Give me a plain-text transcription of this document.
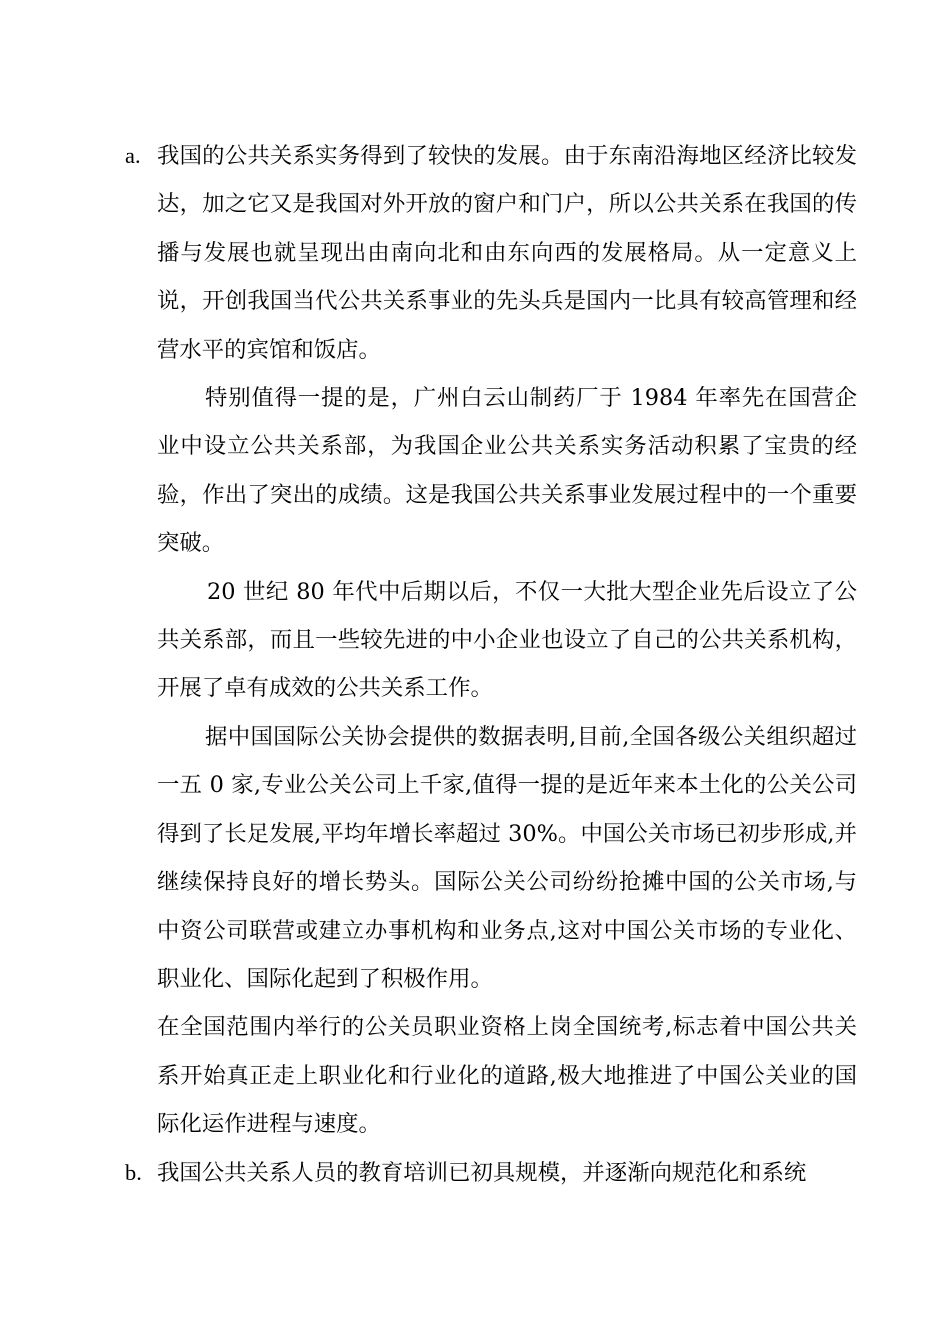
a. 我国的公共关系实务得到了较快的发展。由于东南沿海地区经济比较发达，加之它又是我国对外开放的窗户和门户，所以公共关系在我国的传播与发展也就呈现出由南向北和由东向西的发展格局。从一定意义上说，开创我国当代公共关系事业的先头兵是国内一比具有较高管理和经营水平的宾馆和饭店。

特别值得一提的是，广州白云山制药厂于 1984 年率先在国营企业中设立公共关系部，为我国企业公共关系实务活动积累了宝贵的经验，作出了突出的成绩。这是我国公共关系事业发展过程中的一个重要突破。

20 世纪 80 年代中后期以后，不仅一大批大型企业先后设立了公共关系部，而且一些较先进的中小企业也设立了自己的公共关系机构，开展了卓有成效的公共关系工作。

据中国国际公关协会提供的数据表明,目前,全国各级公关组织超过一五 0 家,专业公关公司上千家,值得一提的是近年来本土化的公关公司得到了长足发展,平均年增长率超过 30%。中国公关市场已初步形成,并继续保持良好的增长势头。国际公关公司纷纷抢摊中国的公关市场,与中资公司联营或建立办事机构和业务点,这对中国公关市场的专业化、职业化、国际化起到了积极作用。

在全国范围内举行的公关员职业资格上岗全国统考,标志着中国公共关系开始真正走上职业化和行业化的道路,极大地推进了中国公关业的国际化运作进程与速度。

b. 我国公共关系人员的教育培训已初具规模，并逐渐向规范化和系统
